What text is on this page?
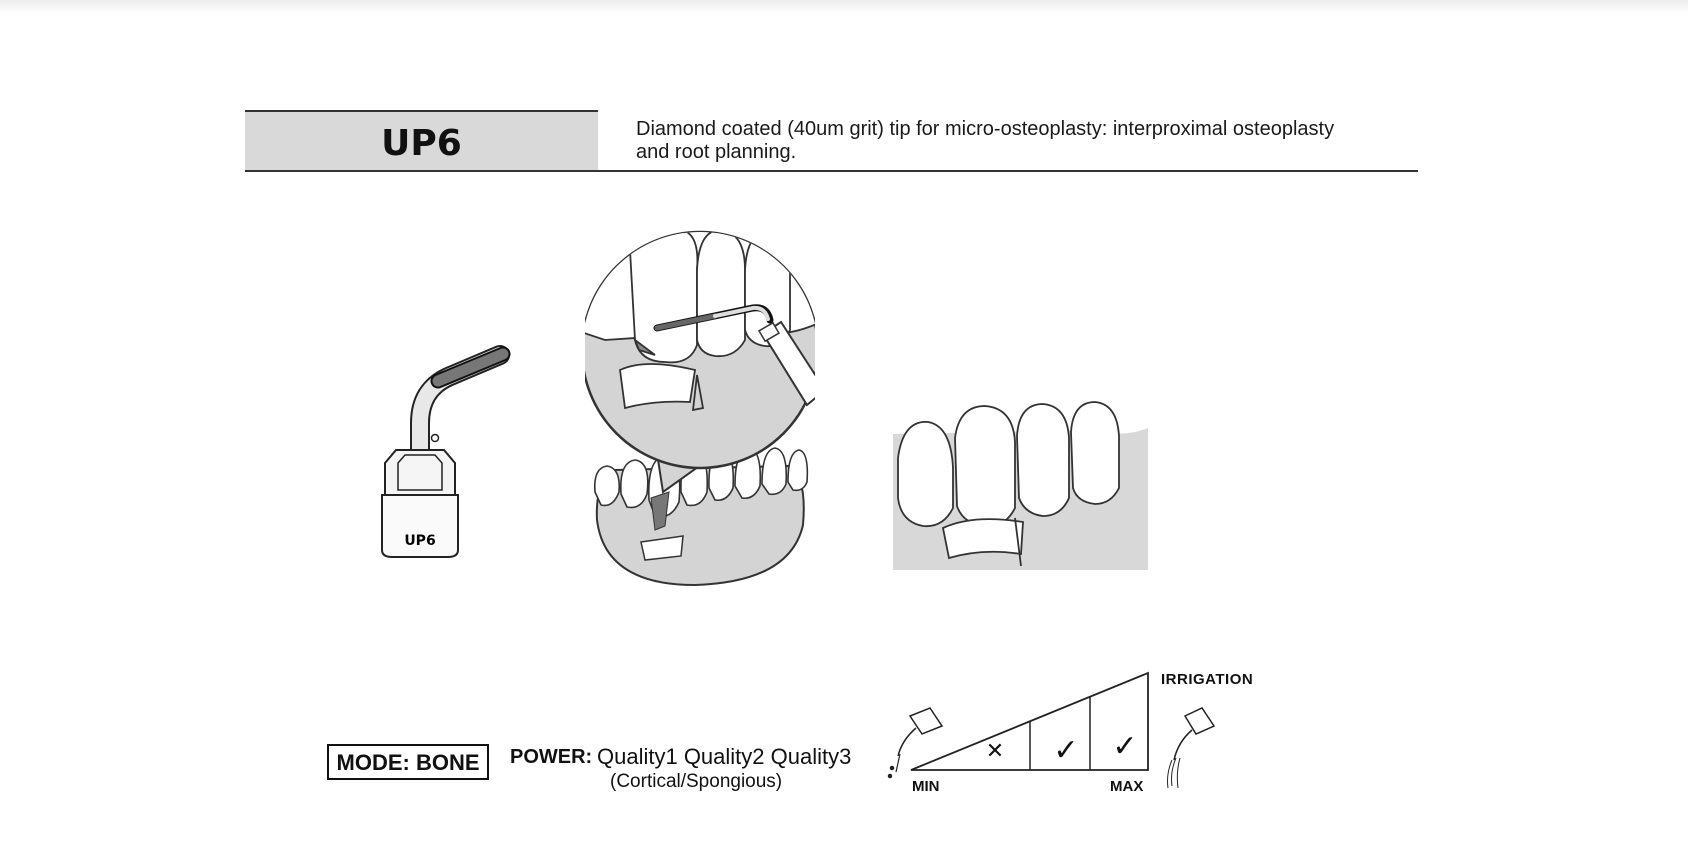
UP6	Diamond coated (40um grit) tip for micro-osteoplasty: interproximal osteoplasty
and root planning.
UP6
MODE: BONE	POWER: Quality1 Quality2 Quality3
(Cortical/Spongious)
✕ ✓ ✓
IRRIGATION
MIN	MAX
